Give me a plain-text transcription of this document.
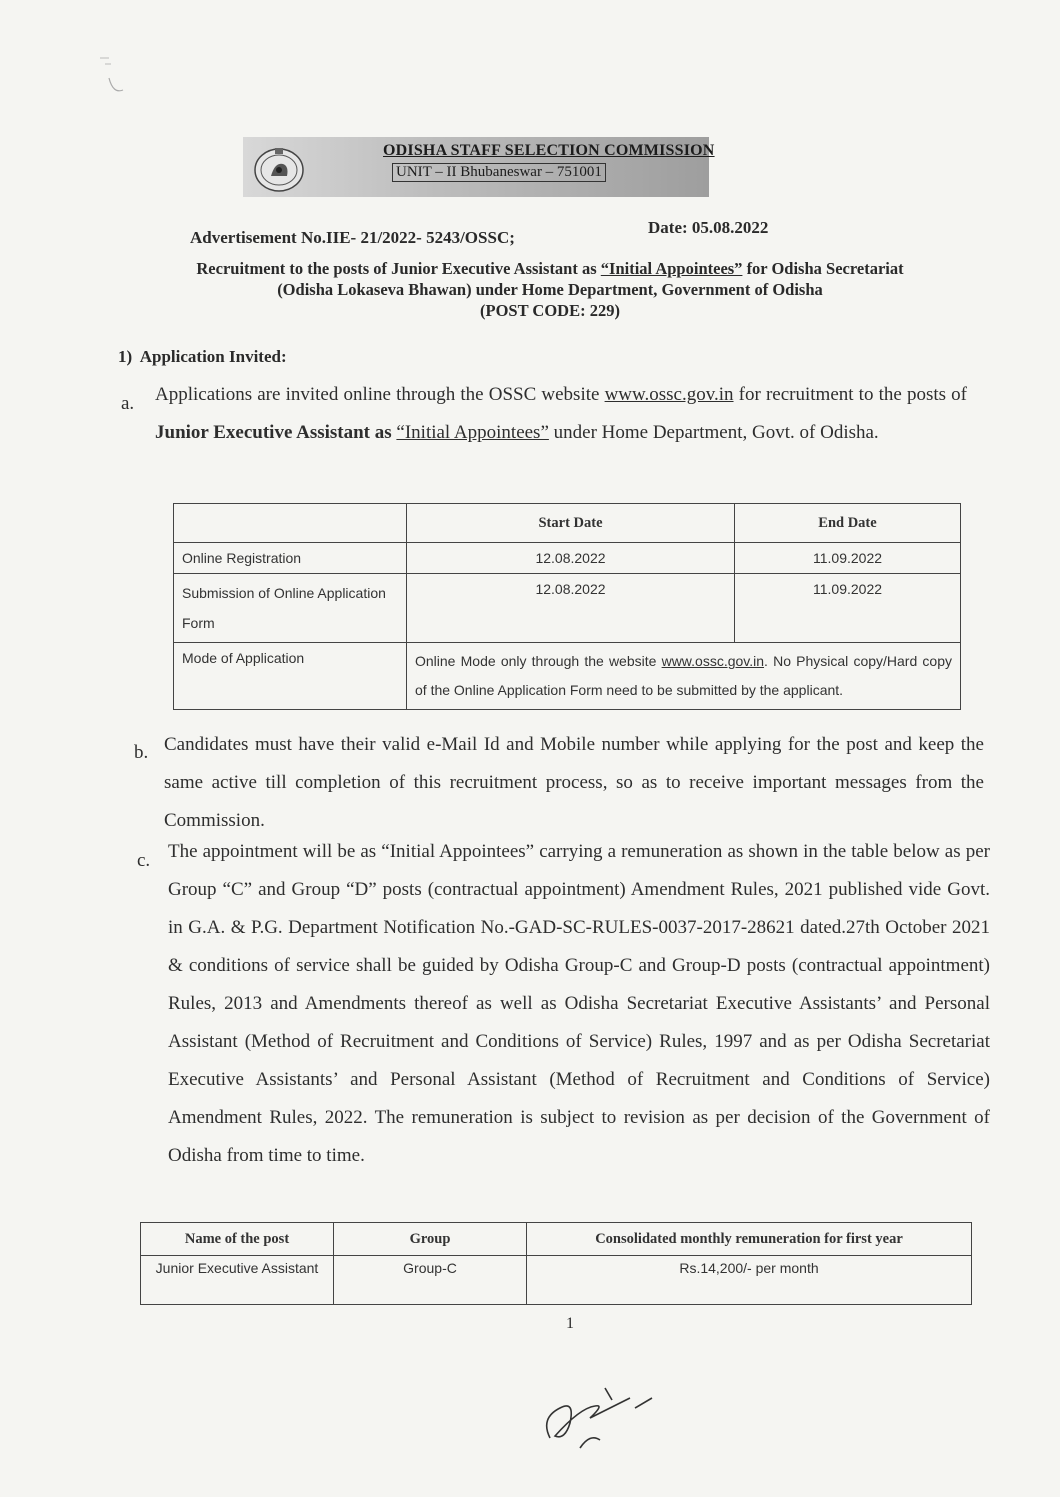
ODISHA STAFF SELECTION COMMISSION
UNIT – II Bhubaneswar – 751001
Advertisement No.IIE- 21/2022- 5243/OSSC;
Date: 05.08.2022
Recruitment to the posts of Junior Executive Assistant as “Initial Appointees” for Odisha Secretariat
(Odisha Lokaseva Bhawan) under Home Department, Government of Odisha
(POST CODE: 229)
1) Application Invited:
a. Applications are invited online through the OSSC website www.ossc.gov.in for recruitment to the posts of Junior Executive Assistant as “Initial Appointees” under Home Department, Govt. of Odisha.
	Start Date	End Date
Online Registration	12.08.2022	11.09.2022
Submission of Online Application Form	12.08.2022	11.09.2022
Mode of Application	Online Mode only through the website www.ossc.gov.in. No Physical copy/Hard copy of the Online Application Form need to be submitted by the applicant.	
b. Candidates must have their valid e-Mail Id and Mobile number while applying for the post and keep the same active till completion of this recruitment process, so as to receive important messages from the Commission.
c. The appointment will be as “Initial Appointees” carrying a remuneration as shown in the table below as per Group “C” and Group “D” posts (contractual appointment) Amendment Rules, 2021 published vide Govt. in G.A. & P.G. Department Notification No.-GAD-SC-RULES-0037-2017-28621 dated.27th October 2021 & conditions of service shall be guided by Odisha Group-C and Group-D posts (contractual appointment) Rules, 2013 and Amendments thereof as well as Odisha Secretariat Executive Assistants’ and Personal Assistant (Method of Recruitment and Conditions of Service) Rules, 1997 and as per Odisha Secretariat Executive Assistants’ and Personal Assistant (Method of Recruitment and Conditions of Service) Amendment Rules, 2022. The remuneration is subject to revision as per decision of the Government of Odisha from time to time.
Name of the post	Group	Consolidated monthly remuneration for first year
Junior Executive Assistant	Group-C	Rs.14,200/- per month
1
